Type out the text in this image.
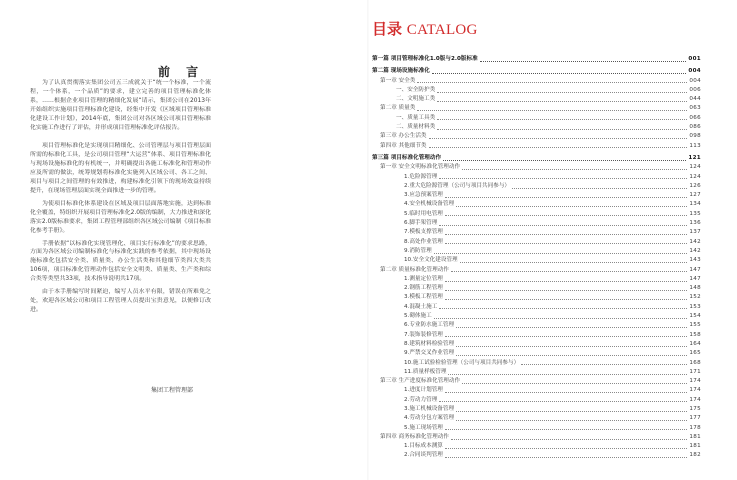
前 言

为了认真贯彻落实集团公司五三成就关于“统一个标准，一个流程，一个体系，一个品质”的要求，建立完善的项目管理标准化体系，……根据企业项目管理的精细化发展“请示，集团公司在2013年开始组织实施项目管理标准化建设，经集中开发《区域项目管理标准化建设工作计划》，2014年底，集团公司对各区域公司项目管理标准化实施工作进行了评估，并形成项目管理标准化评估报告。

项目管理标准化是实现项目精细化、公司管理层与项目管理层面所需的标准化工具，是公司项目管理“大运营”体系、项目管理标准化与现场设施标准化的有机统一，并明确提出各施工标准化和管理动作应及所需的做法，统筹规划将标准化实施列入区域公司、各工之间、项目与项目之间管理的有效推进，构建标准化引领下的现场效益持续提升，在现场管理层面实现全面推进一步的管理。

为使项目标准化体系建设在区域及项目层面落地实施，达到标准化全覆盖，特组织开展项目管理标准化2.0版的编制，大力推进和深化落实2.0版标准要求，集团工程管理部组织各区域公司编制《项目标准化参考手册》。

手册依据“以标准化实现管理化、项目实行标准化”的要求思路，方面为各区域公司编制标准化与标准化实践的参考依据，其中现场设施标准化包括安全类、质量类、办公生活类和其他细节类四大类共106项，项目标准化管理动作包括安全文明类、质量类、生产类和综合类等类型共33项，技术指导说明共17项。

由于本手册编写时间紧迫，编写人员水平有限，错误在所难免之处，欢迎各区域公司和项目工程管理人员提出宝贵意见，以便修订改进。

集团工程管理部
目录 CATALOG
第一篇 项目管理标准化1.0版与2.0版标准	001
第二篇 现场设施标准化	004
第一章 安全类	004
一、安全防护类	006
二、文明施工类	044
第二章 质量类	063
一、质量工具类	066
二、质量材料类	086
第三章 办公生活类	098
第四章 其他细节类	113
第三篇 项目标准化管理动作	121
第一章 安全文明标准化管理动作	124
1.危险源管理	124
2.重大危险源管理（公司与项目共同参与）	126
3.应急预案管理	127
4.安全机械设备管理	134
5.临时用电管理	135
6.脚手架管理	136
7.模板支撑管理	137
8.高处作业管理	142
9.消防管理	142
10.安全文化建设管理	143
第二章 质量标准化管理动作	147
1.测量定位管理	147
2.钢筋工程管理	148
3.模板工程管理	152
4.混凝土施工	153
5.砌体施工	154
6.专业防水施工管理	155
7.装饰装修管理	158
8.建筑材料检验管理	164
9.严禁交叉作业管理	165
10.施工试验检验管理（公司与项目共同参与）	168
11.质量样板管理	171
第三章 生产进度标准化管理动作	174
1.进度计划管理	174
2.劳动力管理	174
3.施工机械设备管理	175
4.劳动分包方案管理	177
5.施工现场管理	178
第四章 商务标准化管理动作	181
1.目标成本测算	181
2.合同谈判管理	182
